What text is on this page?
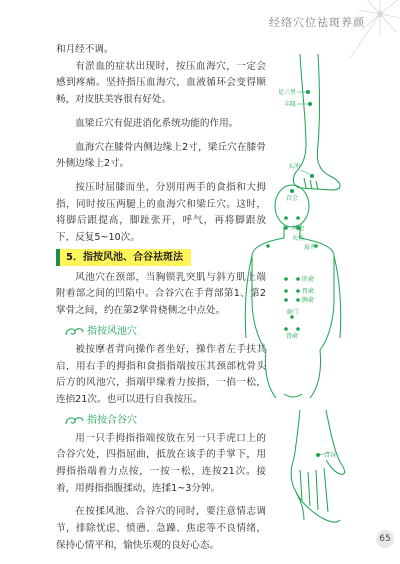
经络穴位祛斑养颜

和月经不调。

有淤血的症状出现时，按压血海穴，一定会感到疼痛。坚持指压血海穴，血液循环会变得顺畅，对皮肤美容很有好处。

血梁丘穴有促进消化系统功能的作用。

血海穴在膝骨内侧边缘上2寸，梁丘穴在膝骨外侧边缘上2寸。

按压时屈膝而坐，分别用两手的食指和大拇指，同时按压两腿上的血海穴和梁丘穴。这时，将脚后跟提高，脚趾张开，呼气，再将脚跟放下，反复5~10次。

5．指按风池、合谷祛斑法

风池穴在颈部，当胸锁乳突肌与斜方肌上端附着部之间的凹陷中。合谷穴在手背部第1、第2掌骨之间，约在第2掌骨桡侧之中点处。

指按风池穴

被按摩者背向操作者坐好，操作者左手扶其启，用右手的拇指和食指指端按压其颈部枕骨头后方的风池穴，指端甲缘着力按指，一掐一松，连掐21次。也可以进行自我按压。

指按合谷穴

用一只手拇指指端按放在另一只手虎口上的合谷穴处，四指屈曲，抵放在该手的手掌下，用拇指指端着力点按，一按一松，连按21次。接着，用拇指指腹揉动，连揉1~3分钟。

在按揉风池、合谷穴的同时，要注意情志调节，排除忧虑、愤懑、急躁、焦虑等不良情绪，保持心情平和，愉快乐观的良好心态。

足三里
丰隆
太冲
百会
风池
天柱
肩井
肝俞
胃俞
脾俞
命门
肾俞
合谷
65
